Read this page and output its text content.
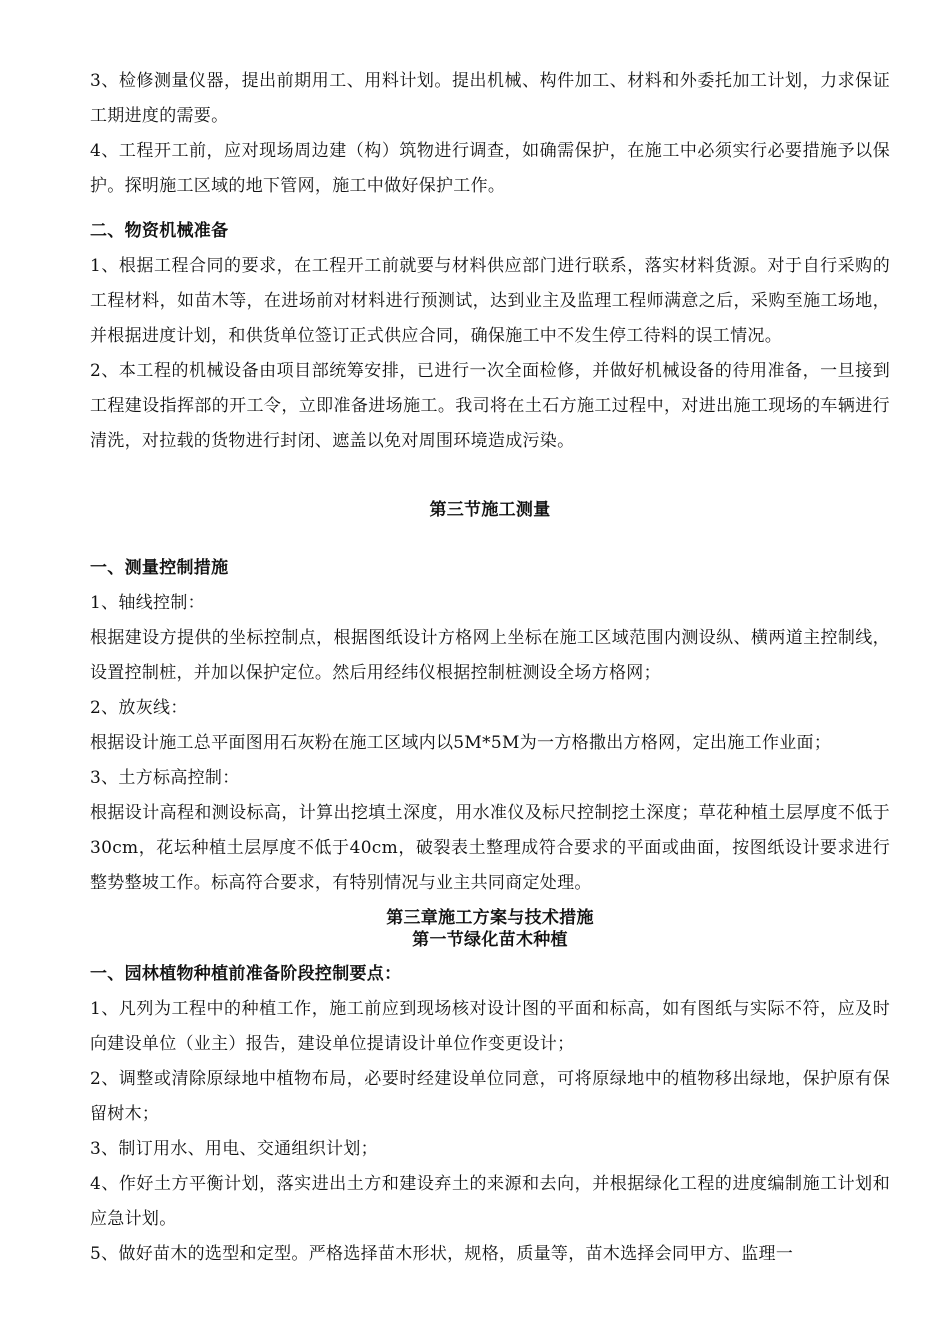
3、检修测量仪器，提出前期用工、用料计划。提出机械、构件加工、材料和外委托加工计划，力求保证工期进度的需要。

4、工程开工前，应对现场周边建（构）筑物进行调查，如确需保护，在施工中必须实行必要措施予以保护。探明施工区域的地下管网，施工中做好保护工作。

二、物资机械准备

1、根据工程合同的要求，在工程开工前就要与材料供应部门进行联系，落实材料货源。对于自行采购的工程材料，如苗木等，在进场前对材料进行预测试，达到业主及监理工程师满意之后，采购至施工场地，并根据进度计划，和供货单位签订正式供应合同，确保施工中不发生停工待料的误工情况。

2、本工程的机械设备由项目部统筹安排，已进行一次全面检修，并做好机械设备的待用准备，一旦接到工程建设指挥部的开工令，立即准备进场施工。我司将在土石方施工过程中，对进出施工现场的车辆进行清洗，对拉载的货物进行封闭、遮盖以免对周围环境造成污染。

第三节施工测量

一、测量控制措施

1、轴线控制：

根据建设方提供的坐标控制点，根据图纸设计方格网上坐标在施工区域范围内测设纵、横两道主控制线，设置控制桩，并加以保护定位。然后用经纬仪根据控制桩测设全场方格网；

2、放灰线：

根据设计施工总平面图用石灰粉在施工区域内以5M*5M为一方格撒出方格网，定出施工作业面；

3、土方标高控制：

根据设计高程和测设标高，计算出挖填土深度，用水准仪及标尺控制挖土深度；草花种植土层厚度不低于30cm，花坛种植土层厚度不低于40cm，破裂表土整理成符合要求的平面或曲面，按图纸设计要求进行整势整坡工作。标高符合要求，有特别情况与业主共同商定处理。

第三章施工方案与技术措施

第一节绿化苗木种植

一、园林植物种植前准备阶段控制要点：

1、凡列为工程中的种植工作，施工前应到现场核对设计图的平面和标高，如有图纸与实际不符，应及时向建设单位（业主）报告，建设单位提请设计单位作变更设计；

2、调整或清除原绿地中植物布局，必要时经建设单位同意，可将原绿地中的植物移出绿地，保护原有保留树木；

3、制订用水、用电、交通组织计划；

4、作好土方平衡计划，落实进出土方和建设弃土的来源和去向，并根据绿化工程的进度编制施工计划和应急计划。

5、做好苗木的选型和定型。严格选择苗木形状，规格，质量等，苗木选择会同甲方、监理一
